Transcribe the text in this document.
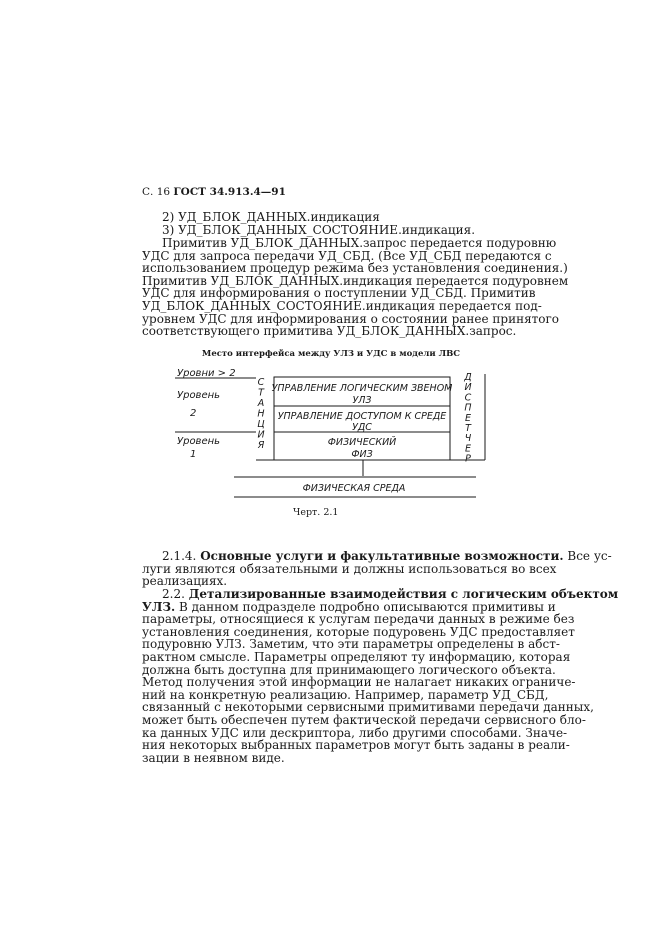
С. 16 ГОСТ 34.913.4—91
2) УД_БЛОК_ДАННЫХ.индикация
3) УД_БЛОК_ДАННЫХ_СОСТОЯНИЕ.индикация.
Примитив УД_БЛОК_ДАННЫХ.запрос передается подуровню
УДС для запроса передачи УД_СБД. (Все УД_СБД передаются с
использованием процедур режима без установления соединения.)
Примитив УД_БЛОК_ДАННЫХ.индикация передается подуровнем
УДС для информирования о поступлении УД_СБД. Примитив
УД_БЛОК_ДАННЫХ_СОСТОЯНИЕ.индикация передается под-
уровнем УДС для информирования о состоянии ранее принятого
соответствующего примитива УД_БЛОК_ДАННЫХ.запрос.
Место интерфейса между УЛЗ и УДС в модели ЛВС
Уровни > 2
Уровень
2
Уровень
1
С
Т
А
Н
Ц
И
Я
Д
И
С
П
Е
Т
Ч
Е
Р
УПРАВЛЕНИЕ ЛОГИЧЕСКИМ ЗВЕНОМ
УЛЗ
УПРАВЛЕНИЕ ДОСТУПОМ К СРЕДЕ
УДС
ФИЗИЧЕСКИЙ
ФИЗ
ФИЗИЧЕСКАЯ СРЕДА
Черт. 2.1
2.1.4. Основные услуги и факультативные возможности. Все ус-
луги являются обязательными и должны использоваться во всех
реализациях.
2.2. Детализированные взаимодействия с логическим объектом
УЛЗ. В данном подразделе подробно описываются примитивы и
параметры, относящиеся к услугам передачи данных в режиме без
установления соединения, которые подуровень УДС предоставляет
подуровню УЛЗ. Заметим, что эти параметры определены в абст-
рактном смысле. Параметры определяют ту информацию, которая
должна быть доступна для принимающего логического объекта.
Метод получения этой информации не налагает никаких ограниче-
ний на конкретную реализацию. Например, параметр УД_СБД,
связанный с некоторыми сервисными примитивами передачи данных,
может быть обеспечен путем фактической передачи сервисного бло-
ка данных УДС или дескриптора, либо другими способами. Значе-
ния некоторых выбранных параметров могут быть заданы в реали-
зации в неявном виде.
